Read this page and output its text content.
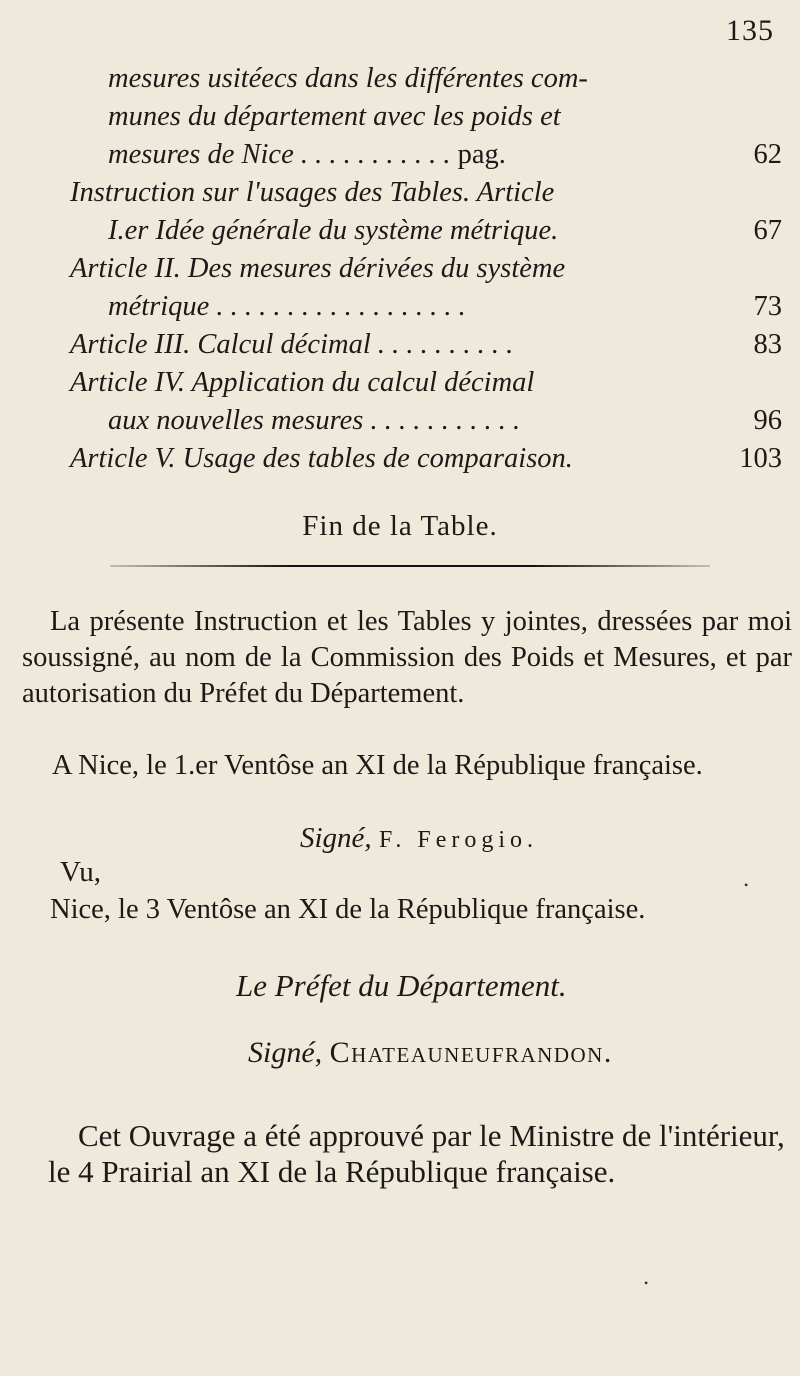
135
mesures usitéecs dans les différentes com-
munes du département avec les poids et
mesures de Nice . . . . . . . . . . . pag.	62
Instruction sur l'usages des Tables. Article
I.er Idée générale du système métrique.	67
Article II. Des mesures dérivées du système
métrique . . . . . . . . . . . . . . . . . .	73
Article III. Calcul décimal . . . . . . . . . .	83
Article IV. Application du calcul décimal
aux nouvelles mesures . . . . . . . . . . .	96
Article V. Usage des tables de comparaison.	103
Fin de la Table.
La présente Instruction et les Tables y jointes, dressées par moi soussigné, au nom de la Commission des Poids et Mesures, et par autorisation du Préfet du Département.
A Nice, le 1.er Ventôse an XI de la République française.
Signé, F. Ferogio.
Vu,
Nice, le 3 Ventôse an XI de la République française.
Le Préfet du Département.
Signé, Chateauneufrandon.
Cet Ouvrage a été approuvé par le Ministre de l'intérieur, le 4 Prairial an XI de la République française.
•
•
